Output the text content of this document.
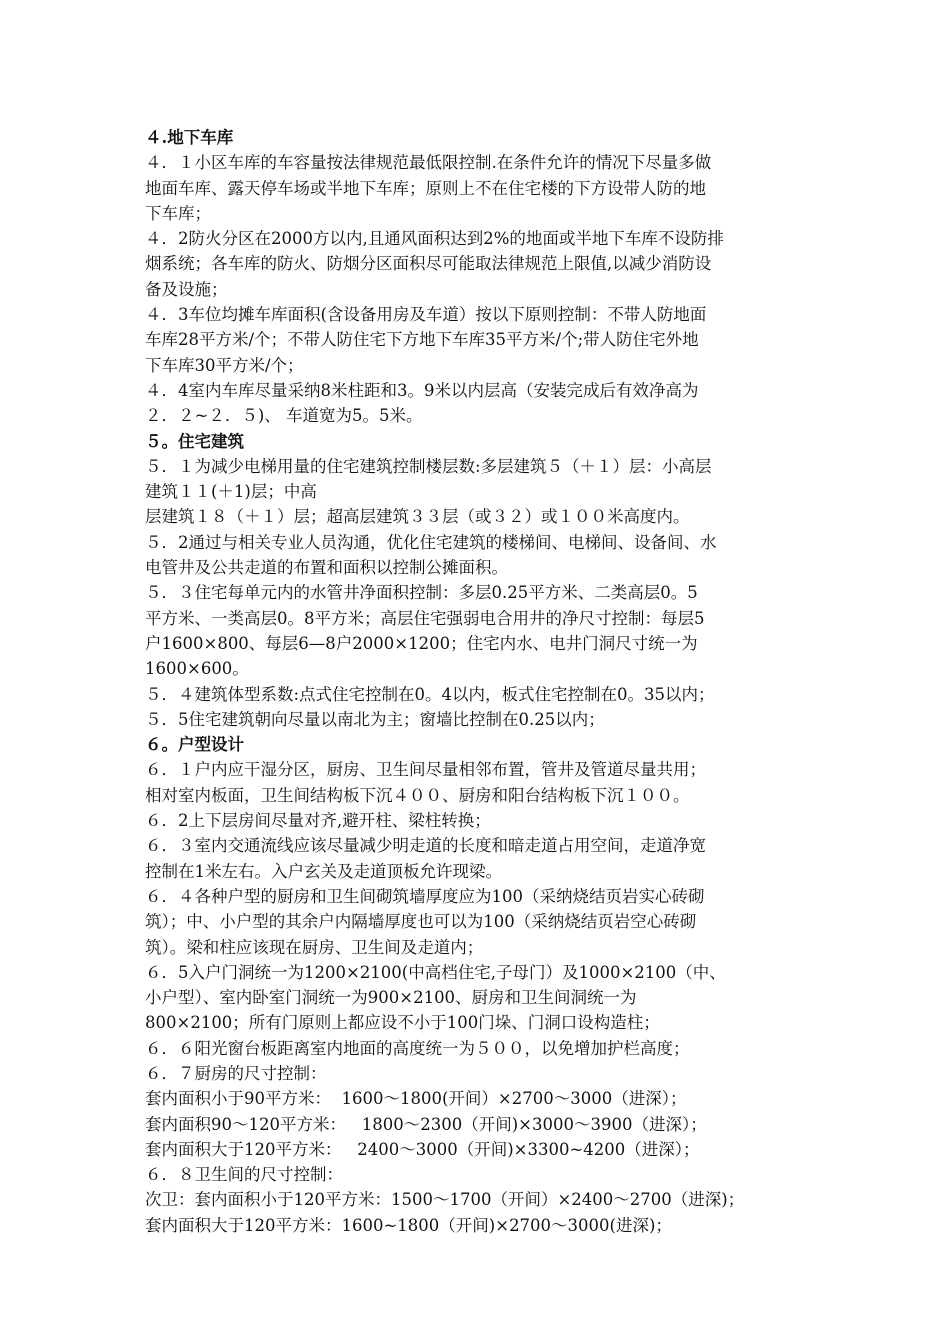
４.地下车库
４．１小区车库的车容量按法律规范最低限控制.在条件允许的情况下尽量多做
地面车库、露天停车场或半地下车库；原则上不在住宅楼的下方设带人防的地
下车库；
４．2防火分区在2000方以内,且通风面积达到2%的地面或半地下车库不设防排
烟系统；各车库的防火、防烟分区面积尽可能取法律规范上限值,以减少消防设
备及设施；
４．3车位均摊车库面积(含设备用房及车道）按以下原则控制：不带人防地面
车库28平方米/个；不带人防住宅下方地下车库35平方米/个;带人防住宅外地
下车库30平方米/个；
４．4室内车库尽量采纳8米柱距和3。9米以内层高（安装完成后有效净高为
２．２~２．５)、 车道宽为5。5米。
５。住宅建筑
５．１为减少电梯用量的住宅建筑控制楼层数:多层建筑５（＋１）层：小高层
建筑１１(＋1)层；中高
层建筑１８（＋１）层；超高层建筑３３层（或３２）或１００米高度内。
５．2通过与相关专业人员沟通，优化住宅建筑的楼梯间、电梯间、设备间、水
电管井及公共走道的布置和面积以控制公摊面积。
５．３住宅每单元内的水管井净面积控制：多层0.25平方米、二类高层0。5
平方米、一类高层0。8平方米；高层住宅强弱电合用井的净尺寸控制：每层5
户1600×800、每层6—8户2000×1200；住宅内水、电井门洞尺寸统一为
1600×600。
５．４建筑体型系数:点式住宅控制在0。4以内，板式住宅控制在0。35以内；
５．5住宅建筑朝向尽量以南北为主；窗墙比控制在0.25以内；
６。户型设计
６．１户内应干湿分区，厨房、卫生间尽量相邻布置，管井及管道尽量共用；
相对室内板面，卫生间结构板下沉４００、厨房和阳台结构板下沉１００。
６．2上下层房间尽量对齐,避开柱、梁柱转换；
６．３室内交通流线应该尽量减少明走道的长度和暗走道占用空间，走道净宽
控制在1米左右。入户玄关及走道顶板允许现梁。
６．４各种户型的厨房和卫生间砌筑墙厚度应为100（采纳烧结页岩实心砖砌
筑）；中、小户型的其余户内隔墙厚度也可以为100（采纳烧结页岩空心砖砌
筑）。梁和柱应该现在厨房、卫生间及走道内；
６．5入户门洞统一为1200×2100(中高档住宅,子母门）及1000×2100（中、
小户型）、室内卧室门洞统一为900×2100、厨房和卫生间洞统一为
800×2100；所有门原则上都应设不小于100门垛、门洞口设构造柱；
６．６阳光窗台板距离室内地面的高度统一为５００，以免增加护栏高度；
６．７厨房的尺寸控制：
套内面积小于90平方米：  1600～1800(开间）×2700～3000（进深）；
套内面积90～120平方米：   1800～2300（开间)×3000～3900（进深）；
套内面积大于120平方米：   2400～3000（开间)×3300~4200（进深）；
６．８卫生间的尺寸控制：
次卫：套内面积小于120平方米：1500～1700（开间）×2400～2700（进深)；
套内面积大于120平方米：1600~1800（开间)×2700～3000(进深)；
